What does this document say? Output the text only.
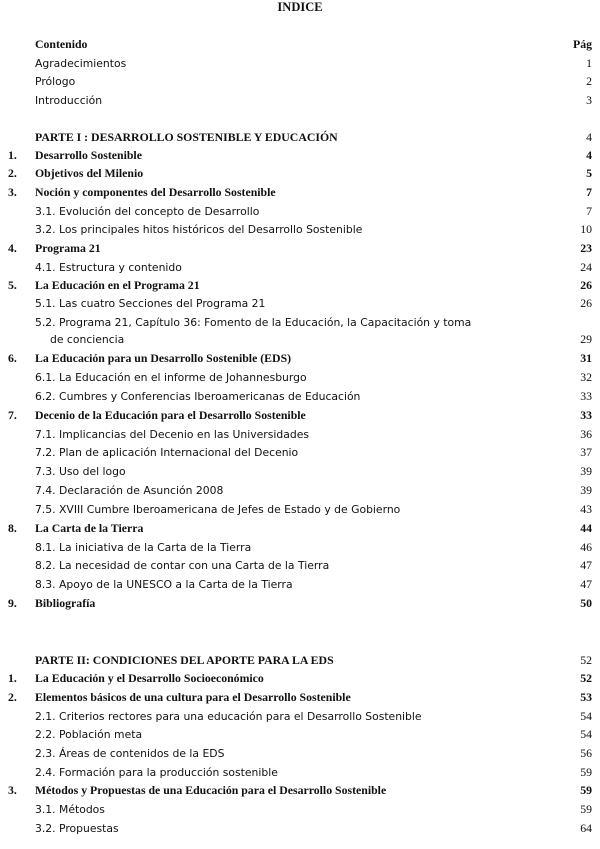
INDICE
Contenido	Pág
Agradecimientos	1
Prólogo	2
Introducción	3
PARTE I : DESARROLLO SOSTENIBLE Y EDUCACIÓN	4
1. Desarrollo Sostenible	4
2. Objetivos del Milenio	5
3. Noción y componentes del Desarrollo Sostenible	7
3.1. Evolución del concepto de Desarrollo	7
3.2. Los principales hitos históricos del Desarrollo Sostenible	10
4. Programa 21	23
4.1. Estructura y contenido	24
5. La Educación en el Programa 21	26
5.1. Las cuatro Secciones del Programa 21	26
5.2. Programa 21, Capítulo 36: Fomento de la Educación, la Capacitación y toma
de conciencia	29
6. La Educación para un Desarrollo Sostenible (EDS)	31
6.1. La Educación en el informe de Johannesburgo	32
6.2. Cumbres y Conferencias Iberoamericanas de Educación	33
7. Decenio de la Educación para el Desarrollo Sostenible	33
7.1. Implicancias del Decenio en las Universidades	36
7.2. Plan de aplicación Internacional del Decenio	37
7.3. Uso del logo	39
7.4. Declaración de Asunción 2008	39
7.5. XVIII Cumbre Iberoamericana de Jefes de Estado y de Gobierno	43
8. La Carta de la Tierra	44
8.1. La iniciativa de la Carta de la Tierra	46
8.2. La necesidad de contar con una Carta de la Tierra	47
8.3. Apoyo de la UNESCO a la Carta de la Tierra	47
9. Bibliografía	50
PARTE II: CONDICIONES DEL APORTE PARA LA EDS	52
1. La Educación y el Desarrollo Socioeconómico	52
2. Elementos básicos de una cultura para el Desarrollo Sostenible	53
2.1. Criterios rectores para una educación para el Desarrollo Sostenible	54
2.2. Población meta	54
2.3. Áreas de contenidos de la EDS	56
2.4. Formación para la producción sostenible	59
3. Métodos y Propuestas de una Educación para el Desarrollo Sostenible	59
3.1. Métodos	59
3.2. Propuestas	64
